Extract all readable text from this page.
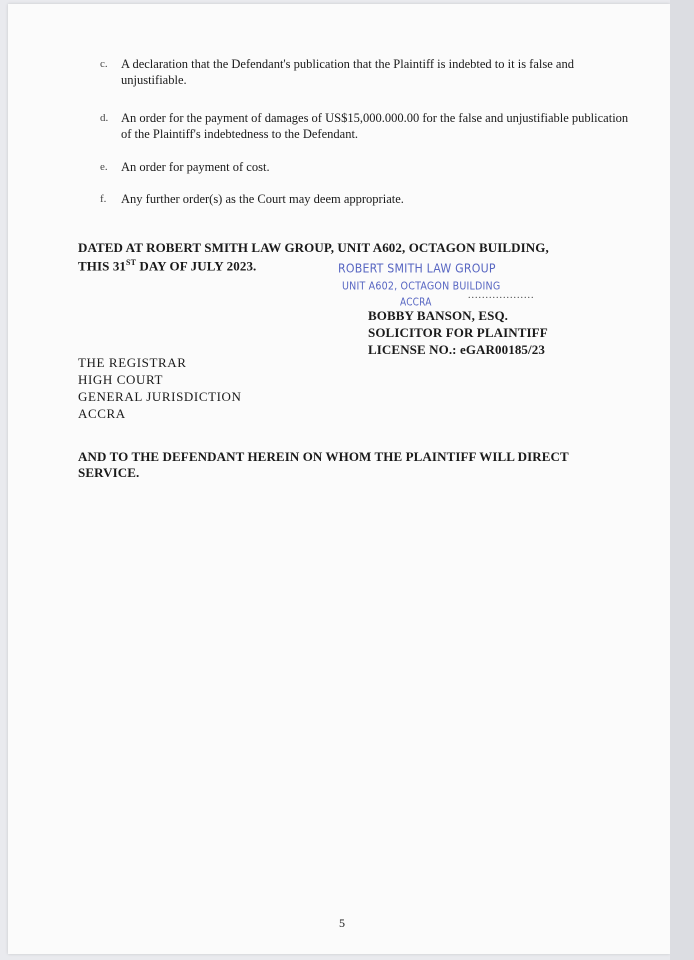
c. A declaration that the Defendant's publication that the Plaintiff is indebted to it is false and unjustifiable.
d. An order for the payment of damages of US$15,000.000.00 for the false and unjustifiable publication of the Plaintiff's indebtedness to the Defendant.
e. An order for payment of cost.
f. Any further order(s) as the Court may deem appropriate.
DATED AT ROBERT SMITH LAW GROUP, UNIT A602, OCTAGON BUILDING,
THIS 31ST DAY OF JULY 2023.	ROBERT SMITH LAW GROUP
UNIT A602, OCTAGON BUILDING
ACCRA
...................
BOBBY BANSON, ESQ.
SOLICITOR FOR PLAINTIFF
LICENSE NO.: eGAR00185/23
THE REGISTRAR
HIGH COURT
GENERAL JURISDICTION
ACCRA
AND TO THE DEFENDANT HEREIN ON WHOM THE PLAINTIFF WILL DIRECT
SERVICE.
5
